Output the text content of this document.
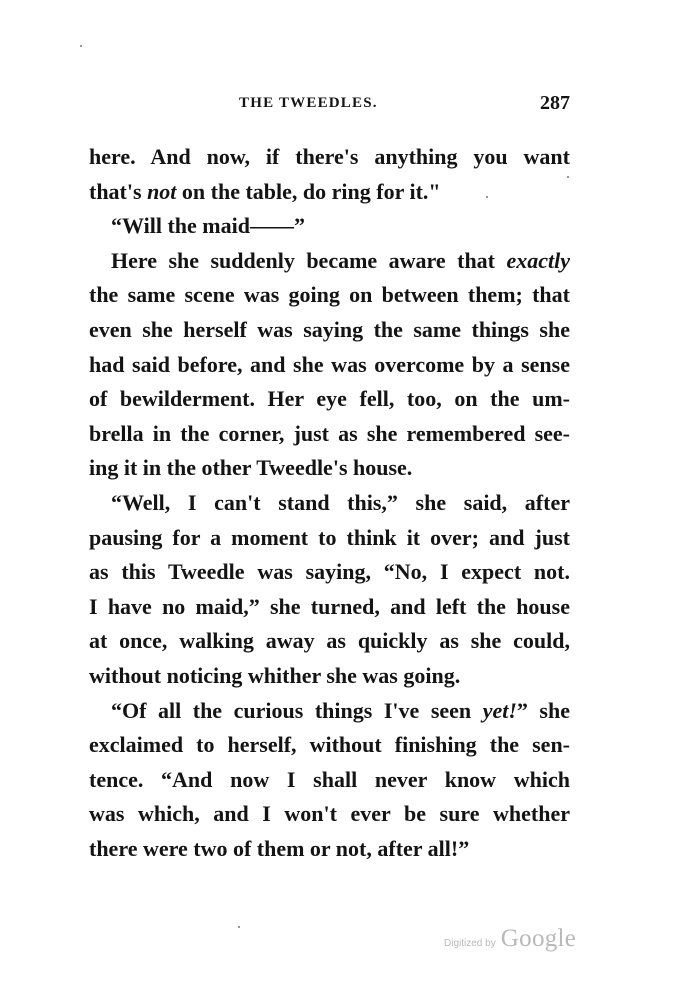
THE TWEEDLES.	287
here. And now, if there's anything you want
that's not on the table, do ring for it."
“Will the maid——”
Here she suddenly became aware that exactly
the same scene was going on between them; that
even she herself was saying the same things she
had said before, and she was overcome by a sense
of bewilderment. Her eye fell, too, on the um-
brella in the corner, just as she remembered see-
ing it in the other Tweedle's house.
“Well, I can't stand this,” she said, after
pausing for a moment to think it over; and just
as this Tweedle was saying, “No, I expect not.
I have no maid,” she turned, and left the house
at once, walking away as quickly as she could,
without noticing whither she was going.
“Of all the curious things I've seen yet!” she
exclaimed to herself, without finishing the sen-
tence. “And now I shall never know which
was which, and I won't ever be sure whether
there were two of them or not, after all!”
Digitized by Google
